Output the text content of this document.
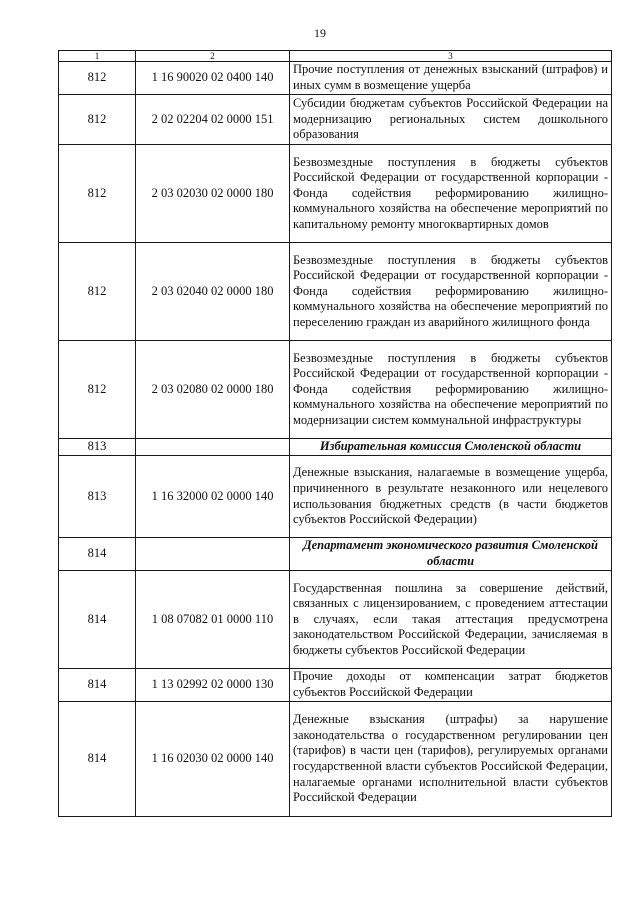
19
1	2	3
812	1 16 90020 02 0400 140	Прочие поступления от денежных взысканий (штрафов) и иных сумм в возмещение ущерба
812	2 02 02204 02 0000 151	Субсидии бюджетам субъектов Российской Федерации на модернизацию региональных систем дошкольного образования
812	2 03 02030 02 0000 180	Безвозмездные поступления в бюджеты субъектов Российской Федерации от государственной корпорации - Фонда содействия реформированию жилищно-коммунального хозяйства на обеспечение мероприятий по капитальному ремонту многоквартирных домов
812	2 03 02040 02 0000 180	Безвозмездные поступления в бюджеты субъектов Российской Федерации от государственной корпорации - Фонда содействия реформированию жилищно-коммунального хозяйства на обеспечение мероприятий по переселению граждан из аварийного жилищного фонда
812	2 03 02080 02 0000 180	Безвозмездные поступления в бюджеты субъектов Российской Федерации от государственной корпорации - Фонда содействия реформированию жилищно-коммунального хозяйства на обеспечение мероприятий по модернизации систем коммунальной инфраструктуры
813		Избирательная комиссия Смоленской области
813	1 16 32000 02 0000 140	Денежные взыскания, налагаемые в возмещение ущерба, причиненного в результате незаконного или нецелевого использования бюджетных средств (в части бюджетов субъектов Российской Федерации)
814		Департамент экономического развития Смоленской области
814	1 08 07082 01 0000 110	Государственная пошлина за совершение действий, связанных с лицензированием, с проведением аттестации в случаях, если такая аттестация предусмотрена законодательством Российской Федерации, зачисляемая в бюджеты субъектов Российской Федерации
814	1 13 02992 02 0000 130	Прочие доходы от компенсации затрат бюджетов субъектов Российской Федерации
814	1 16 02030 02 0000 140	Денежные взыскания (штрафы) за нарушение законодательства о государственном регулировании цен (тарифов) в части цен (тарифов), регулируемых органами государственной власти субъектов Российской Федерации, налагаемые органами исполнительной власти субъектов Российской Федерации
